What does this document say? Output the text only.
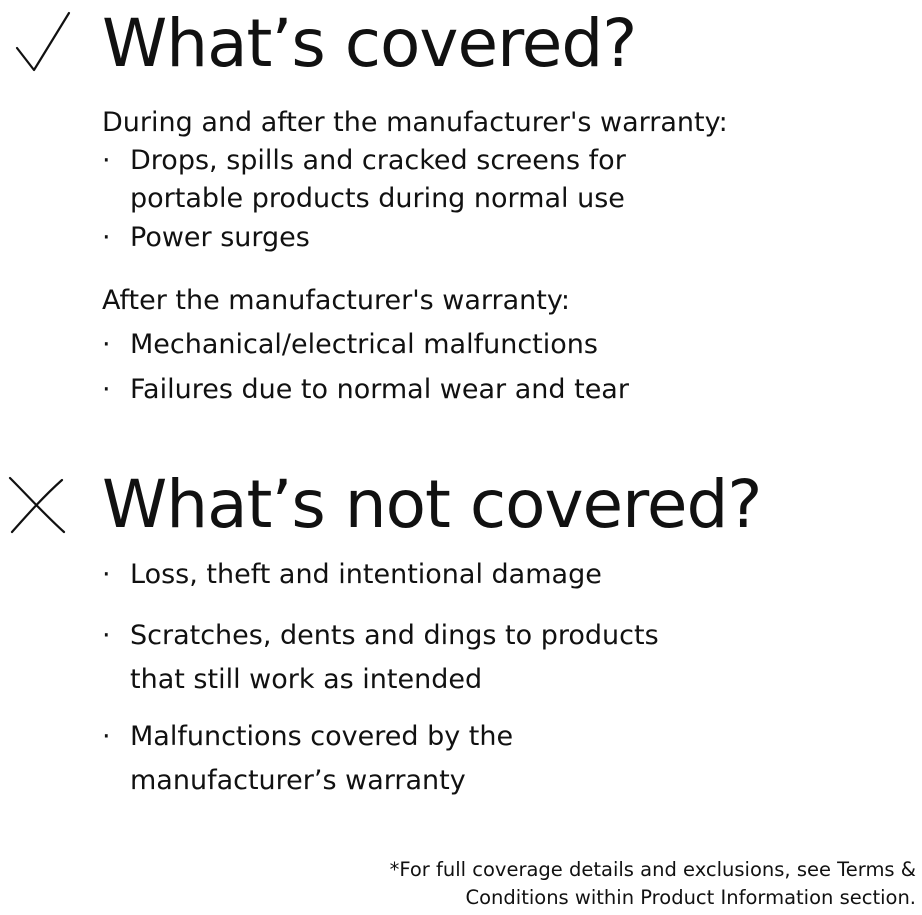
What’s covered?

During and after the manufacturer's warranty:

· Drops, spills and cracked screens for
portable products during normal use
· Power surges

After the manufacturer's warranty:

· Mechanical/electrical malfunctions
· Failures due to normal wear and tear
What’s not covered?
· Loss, theft and intentional damage
· Scratches, dents and dings to products
that still work as intended
· Malfunctions covered by the
manufacturer’s warranty
*For full coverage details and exclusions, see Terms &
Conditions within Product Information section.
